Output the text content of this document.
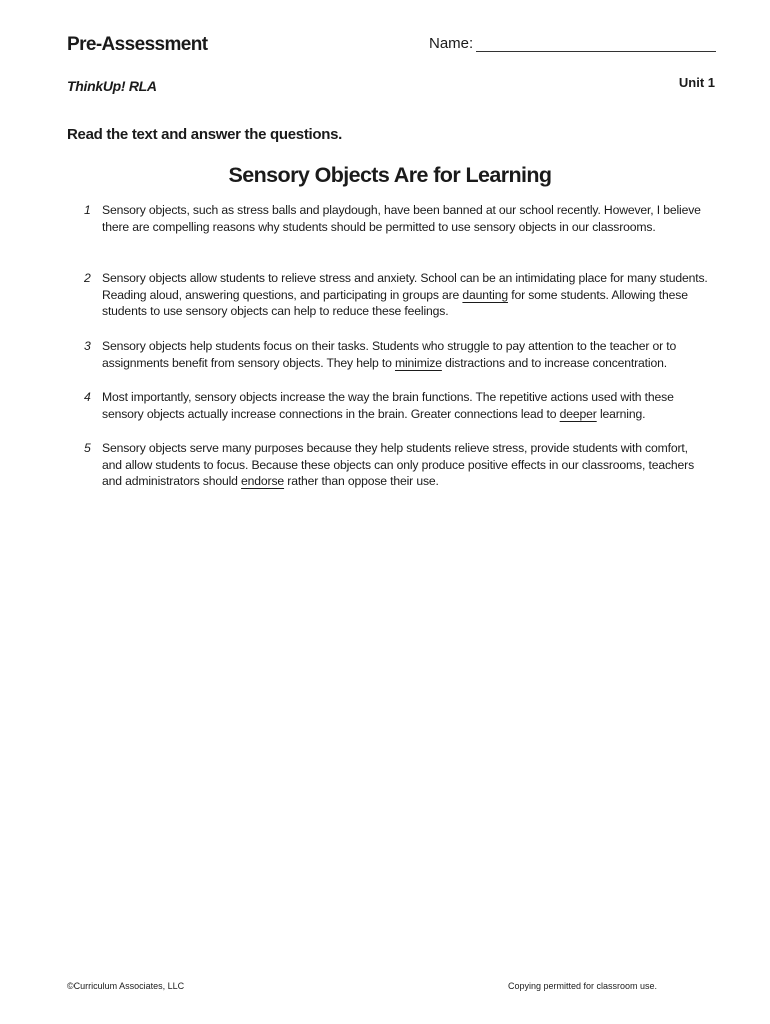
Pre-Assessment	Name:
ThinkUp! RLA	Unit 1
Read the text and answer the questions.
Sensory Objects Are for Learning
1 Sensory objects, such as stress balls and playdough, have been banned at our school recently. However, I believe there are compelling reasons why students should be permitted to use sensory objects in our classrooms.
2 Sensory objects allow students to relieve stress and anxiety. School can be an intimidating place for many students. Reading aloud, answering questions, and participating in groups are daunting for some students. Allowing these students to use sensory objects can help to reduce these feelings.
3 Sensory objects help students focus on their tasks. Students who struggle to pay attention to the teacher or to assignments benefit from sensory objects. They help to minimize distractions and to increase concentration.
4 Most importantly, sensory objects increase the way the brain functions. The repetitive actions used with these sensory objects actually increase connections in the brain. Greater connections lead to deeper learning.
5 Sensory objects serve many purposes because they help students relieve stress, provide students with comfort, and allow students to focus. Because these objects can only produce positive effects in our classrooms, teachers and administrators should endorse rather than oppose their use.
©Curriculum Associates, LLC	Copying permitted for classroom use.
